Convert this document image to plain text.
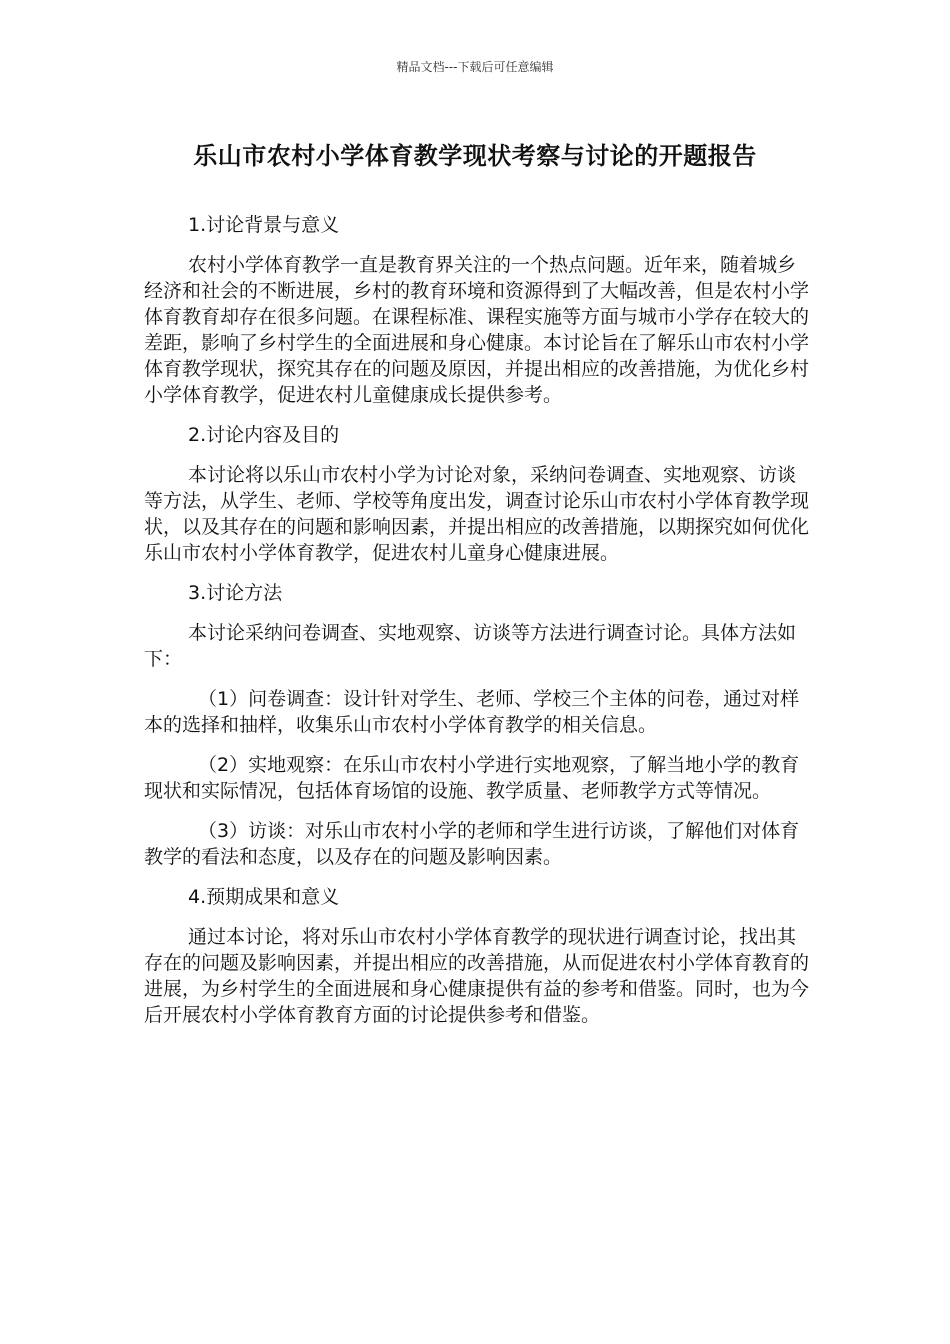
精品文档---下载后可任意编辑
乐山市农村小学体育教学现状考察与讨论的开题报告
1.讨论背景与意义

农村小学体育教学一直是教育界关注的一个热点问题。近年来，随着城乡经济和社会的不断进展，乡村的教育环境和资源得到了大幅改善，但是农村小学体育教育却存在很多问题。在课程标准、课程实施等方面与城市小学存在较大的差距，影响了乡村学生的全面进展和身心健康。本讨论旨在了解乐山市农村小学体育教学现状，探究其存在的问题及原因，并提出相应的改善措施，为优化乡村小学体育教学，促进农村儿童健康成长提供参考。

2.讨论内容及目的

本讨论将以乐山市农村小学为讨论对象，采纳问卷调查、实地观察、访谈等方法，从学生、老师、学校等角度出发，调查讨论乐山市农村小学体育教学现状，以及其存在的问题和影响因素，并提出相应的改善措施，以期探究如何优化乐山市农村小学体育教学，促进农村儿童身心健康进展。

3.讨论方法

本讨论采纳问卷调查、实地观察、访谈等方法进行调查讨论。具体方法如下：

（1）问卷调查：设计针对学生、老师、学校三个主体的问卷，通过对样本的选择和抽样，收集乐山市农村小学体育教学的相关信息。

（2）实地观察：在乐山市农村小学进行实地观察，了解当地小学的教育现状和实际情况，包括体育场馆的设施、教学质量、老师教学方式等情况。

（3）访谈：对乐山市农村小学的老师和学生进行访谈，了解他们对体育教学的看法和态度，以及存在的问题及影响因素。

4.预期成果和意义

通过本讨论，将对乐山市农村小学体育教学的现状进行调查讨论，找出其存在的问题及影响因素，并提出相应的改善措施，从而促进农村小学体育教育的进展，为乡村学生的全面进展和身心健康提供有益的参考和借鉴。同时，也为今后开展农村小学体育教育方面的讨论提供参考和借鉴。
